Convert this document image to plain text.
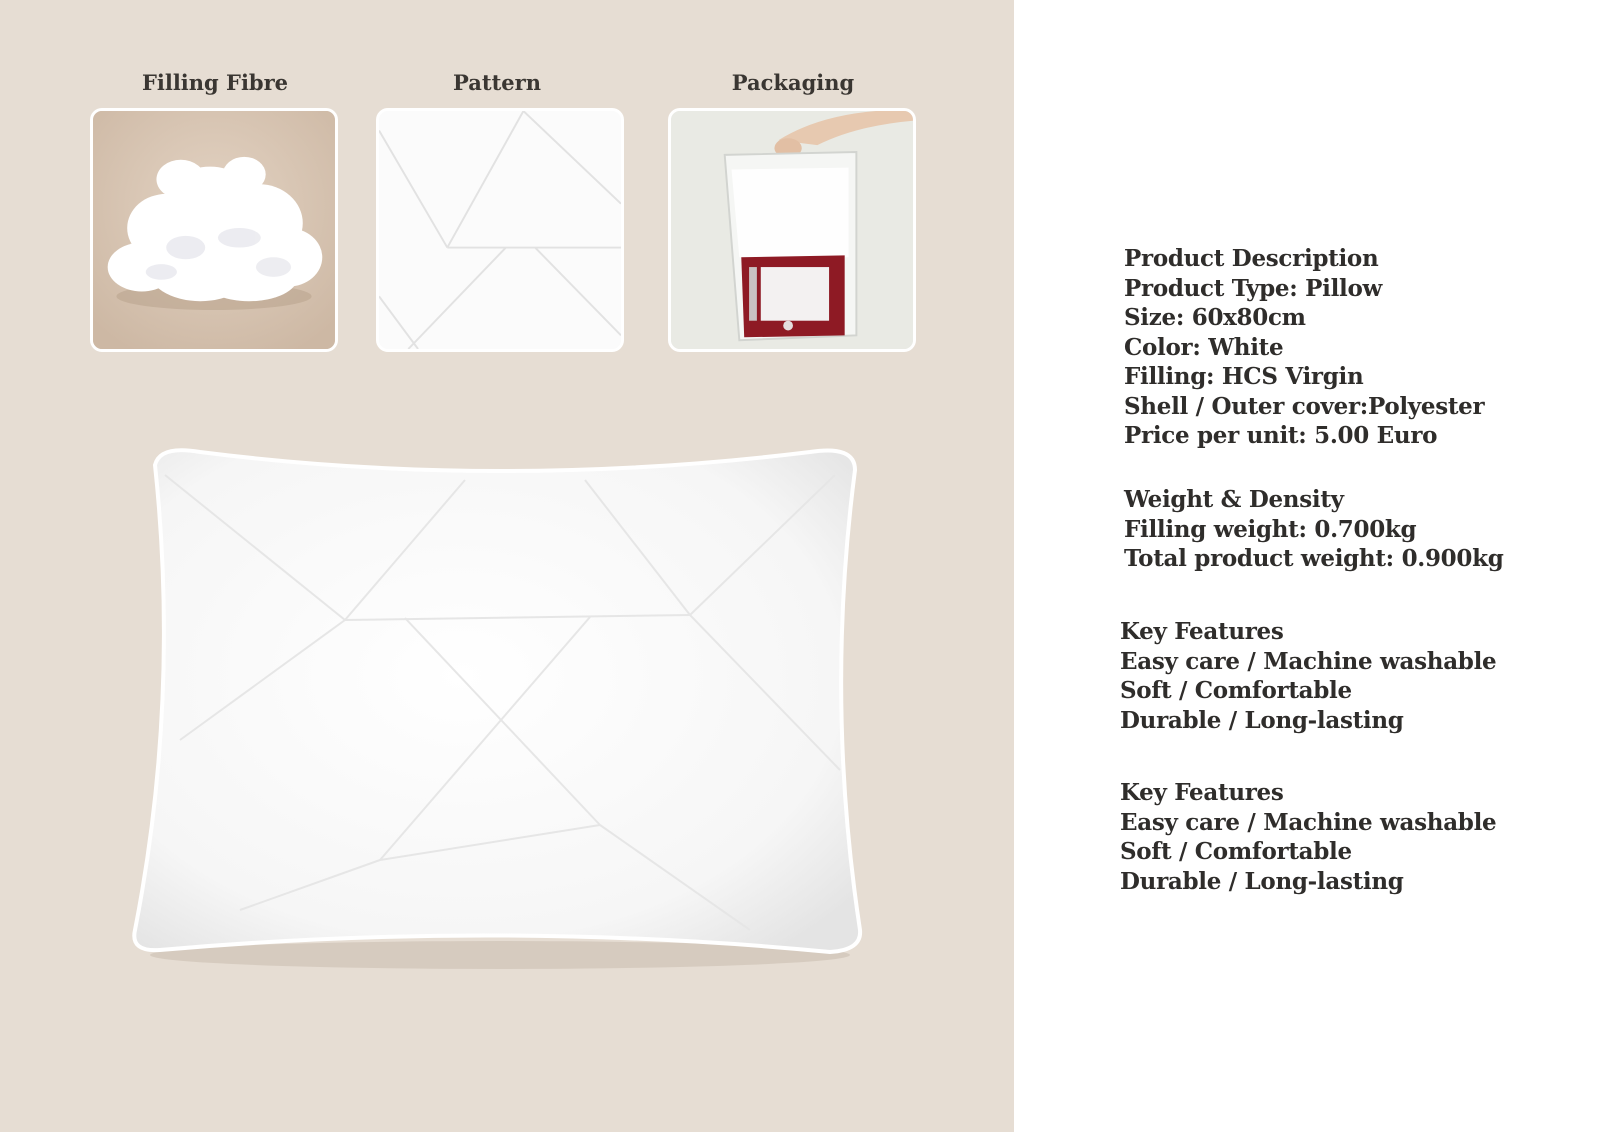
Filling Fibre	Pattern	Packaging
Product Description
Product Type: Pillow
Size: 60x80cm
Color: White
Filling: HCS Virgin
Shell / Outer cover:Polyester
Price per unit: 5.00 Euro
Weight & Density
Filling weight: 0.700kg
Total product weight: 0.900kg
Key Features
Easy care / Machine washable
Soft / Comfortable
Durable / Long-lasting
Key Features
Easy care / Machine washable
Soft / Comfortable
Durable / Long-lasting
